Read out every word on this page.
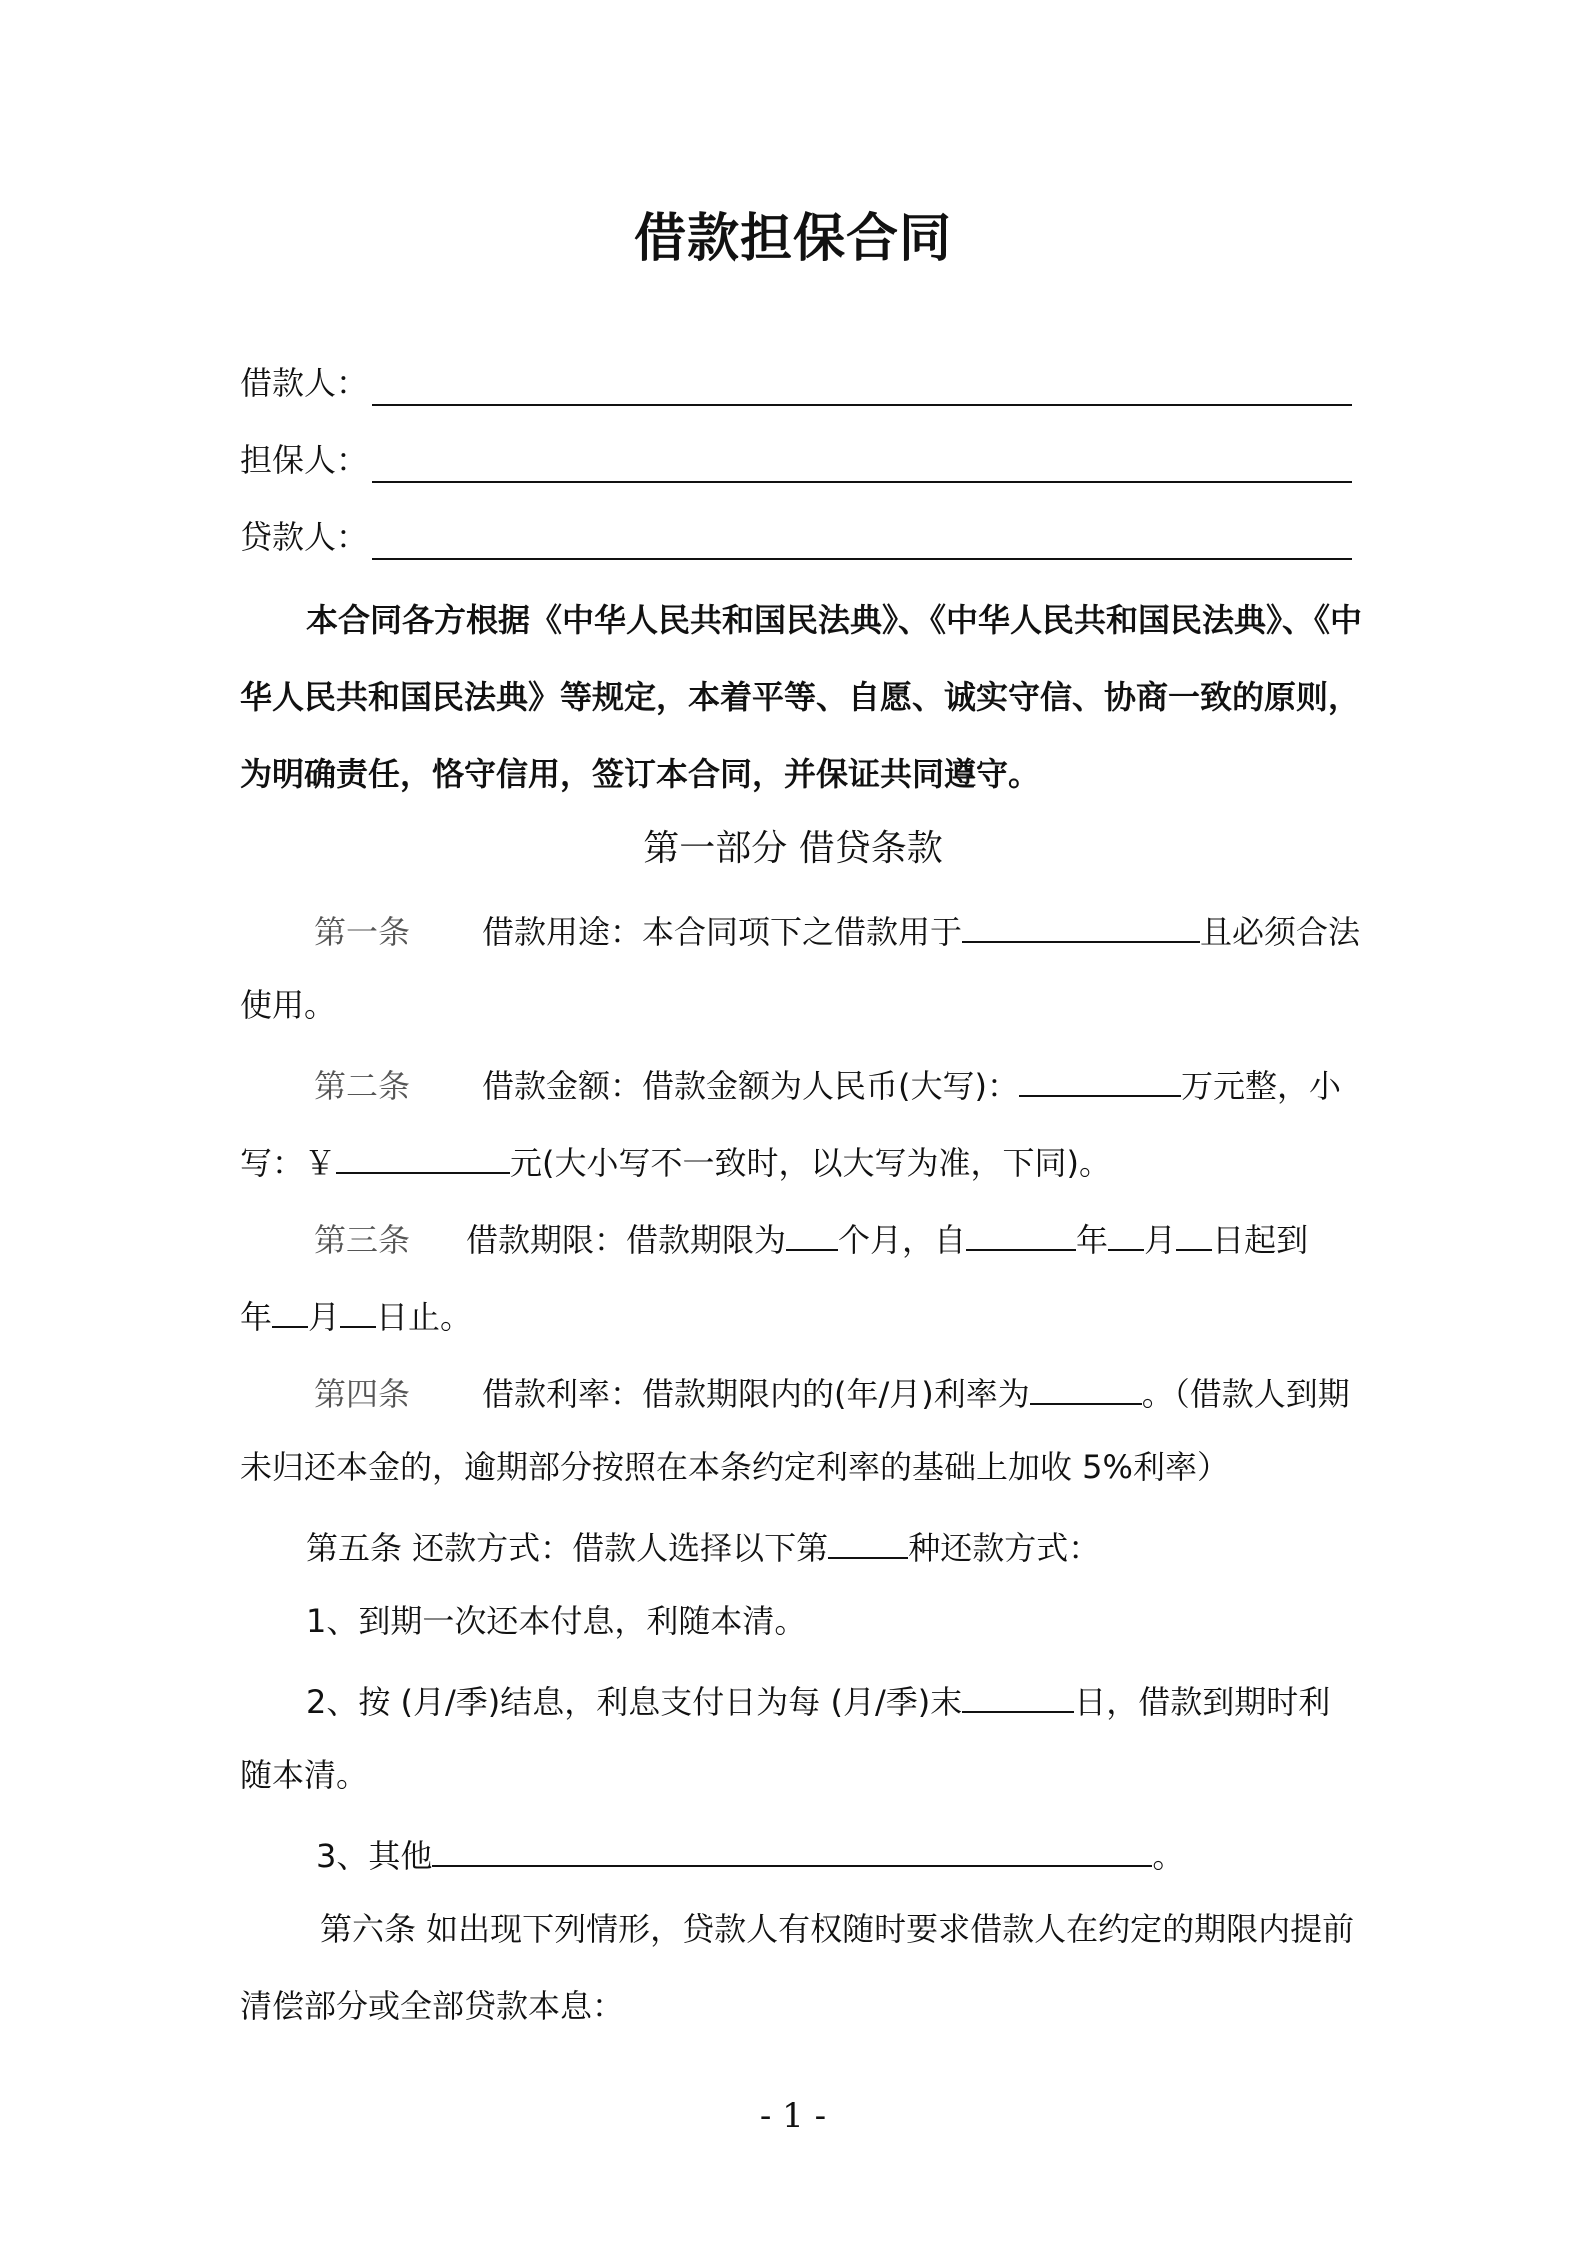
借款担保合同
借款人：
担保人：
贷款人：
本合同各方根据《中华人民共和国民法典》、《中华人民共和国民法典》、《中
华人民共和国民法典》等规定，本着平等、自愿、诚实守信、协商一致的原则，
为明确责任，恪守信用，签订本合同，并保证共同遵守。
第一部分 借贷条款
第一条 借款用途：本合同项下之借款用于	且必须合法
使用。
第二条 借款金额：借款金额为人民币(大写)：	万元整，小
写：￥	元(大小写不一致时，以大写为准，下同)。
第三条 借款期限：借款期限为 个月，自	年 月 日起到
年 月 日止。
第四条 借款利率：借款期限内的(年/月)利率为	。（借款人到期
未归还本金的，逾期部分按照在本条约定利率的基础上加收 5%利率）
第五条 还款方式：借款人选择以下第	种还款方式：
1、到期一次还本付息，利随本清。
2、按 (月/季)结息，利息支付日为每 (月/季)末	日，借款到期时利
随本清。
3、其他	。
第六条 如出现下列情形，贷款人有权随时要求借款人在约定的期限内提前
清偿部分或全部贷款本息：
- 1 -
